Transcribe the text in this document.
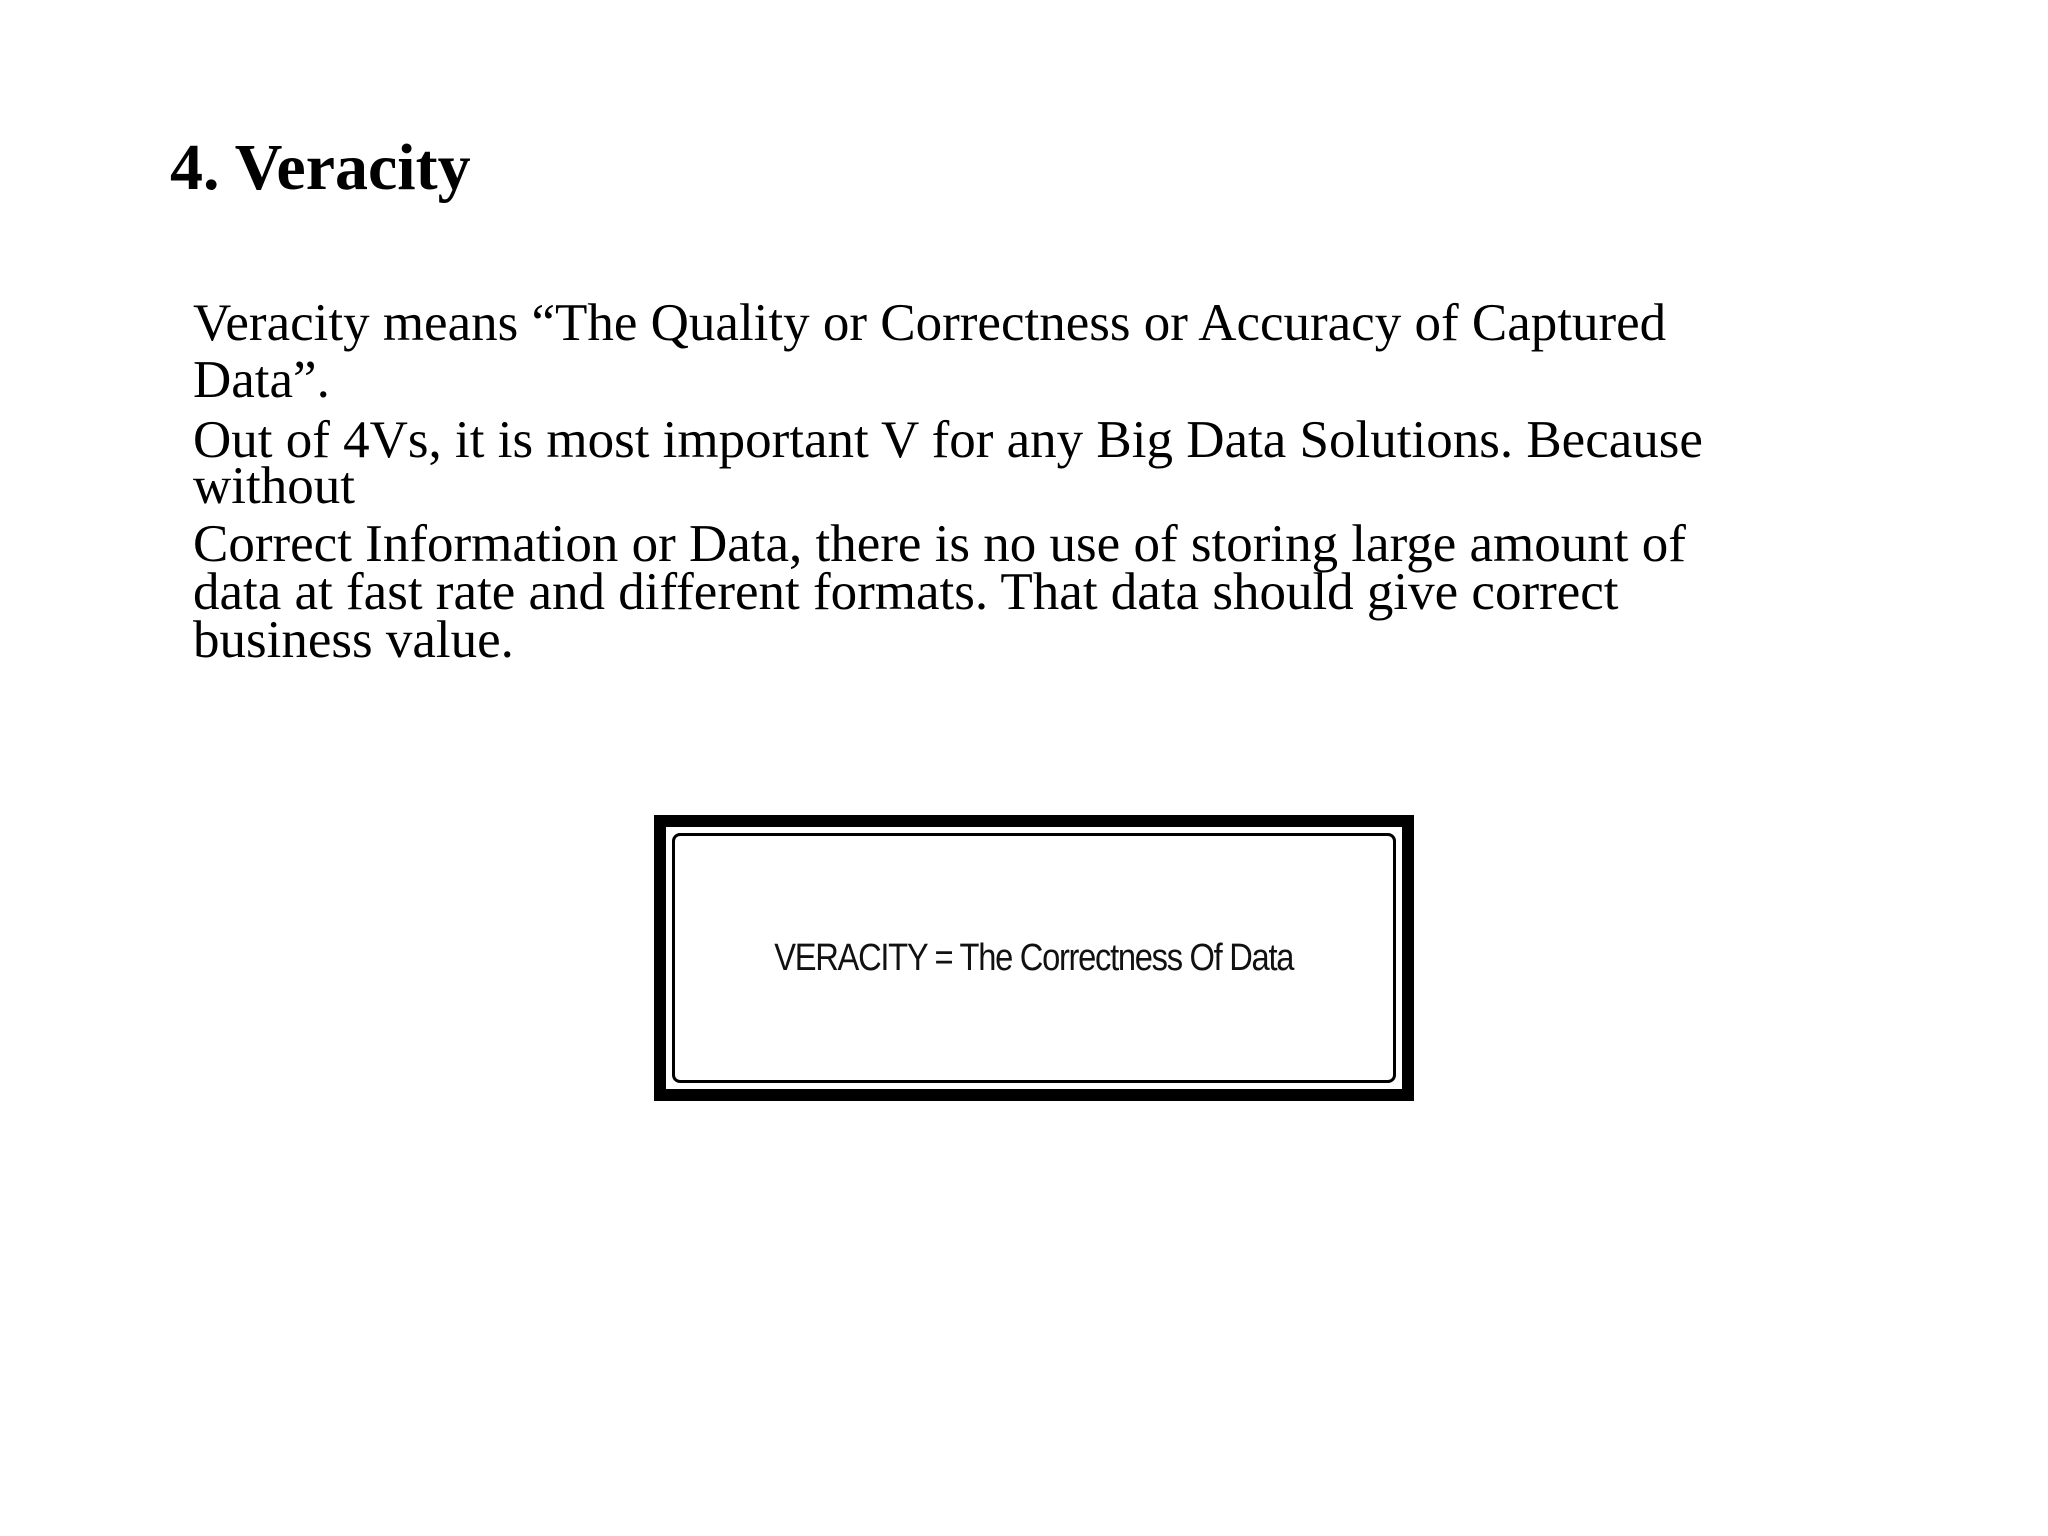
4. Veracity
Veracity means “The Quality or Correctness or Accuracy of Captured
Data”.
Out of 4Vs, it is most important V for any Big Data Solutions. Because
without
Correct Information or Data, there is no use of storing large amount of
data at fast rate and different formats. That data should give correct
business value.
VERACITY = The Correctness Of Data
